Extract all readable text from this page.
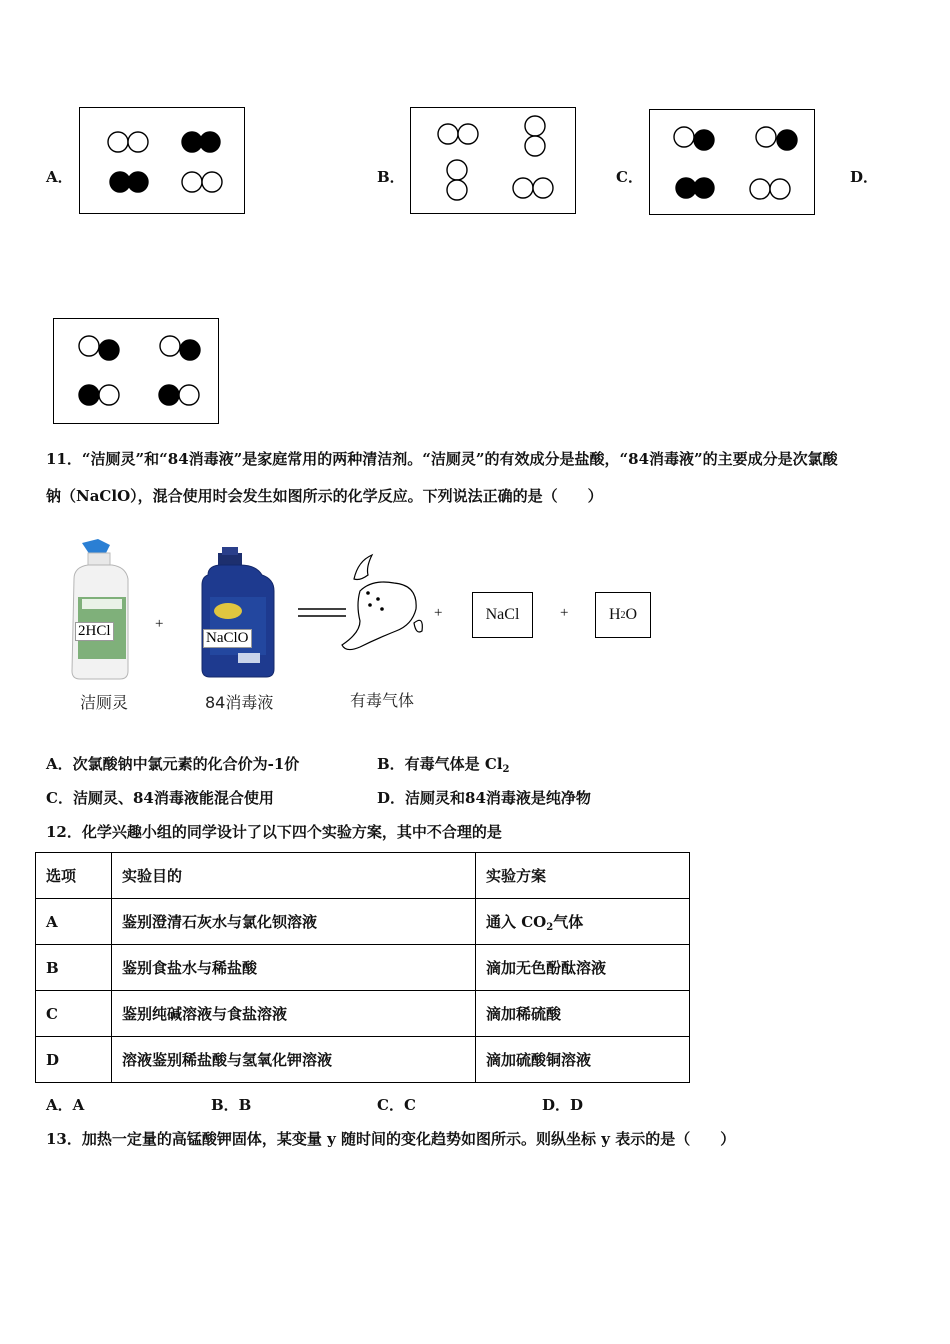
A．	B．	C．	D．
11．“洁厕灵”和“84消毒液”是家庭常用的两种清洁剂。“洁厕灵”的有效成分是盐酸，“84消毒液”的主要成分是次氯酸
钠（NaClO），混合使用时会发生如图所示的化学反应。下列说法正确的是（　　）
2HCl	NaClO
+
+	NaCl	+	H 2 O
洁厕灵	84消毒液	有毒气体
A．次氯酸钠中氯元素的化合价为-1价	B．有毒气体是 $Cl_2$
C．洁厕灵、84消毒液能混合使用	D．洁厕灵和84消毒液是纯净物
12．化学兴趣小组的同学设计了以下四个实验方案，其中不合理的是
选项	实验目的	实验方案
A	鉴别澄清石灰水与氯化钡溶液	通入 $CO_2$气体
B	鉴别食盐水与稀盐酸	滴加无色酚酞溶液
C	鉴别纯碱溶液与食盐溶液	滴加稀硫酸
D	溶液鉴别稀盐酸与氢氧化钾溶液	滴加硫酸铜溶液
A．A	B．B	C．C	D．D
13．加热一定量的高锰酸钾固体，某变量 y 随时间的变化趋势如图所示。则纵坐标 y 表示的是（　　）
